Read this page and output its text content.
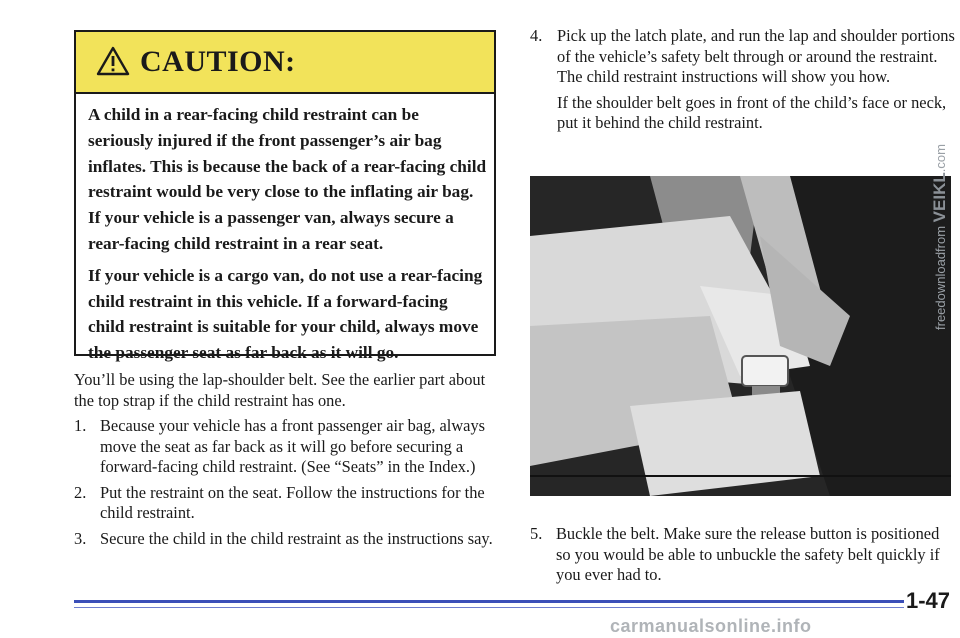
CAUTION:

A child in a rear-facing child restraint can be seriously injured if the front passenger’s air bag inflates. This is because the back of a rear-facing child restraint would be very close to the inflating air bag. If your vehicle is a passenger van, always secure a rear-facing child restraint in a rear seat.

If your vehicle is a cargo van, do not use a rear-facing child restraint in this vehicle. If a forward-facing child restraint is suitable for your child, always move the passenger seat as far back as it will go.

You’ll be using the lap-shoulder belt. See the earlier part about the top strap if the child restraint has one.

1. Because your vehicle has a front passenger air bag, always move the seat as far back as it will go before securing a forward-facing child restraint. (See “Seats” in the Index.)
2. Put the restraint on the seat. Follow the instructions for the child restraint.
3. Secure the child in the child restraint as the instructions say.
4. Pick up the latch plate, and run the lap and shoulder portions of the vehicle’s safety belt through or around the restraint. The child restraint instructions will show you how.

If the shoulder belt goes in front of the child’s face or neck, put it behind the child restraint.

5. Buckle the belt. Make sure the release button is positioned so you would be able to unbuckle the safety belt quickly if you ever had to.
1-47
freedownloadfrom VEIKL.com
carmanualsonline.info
